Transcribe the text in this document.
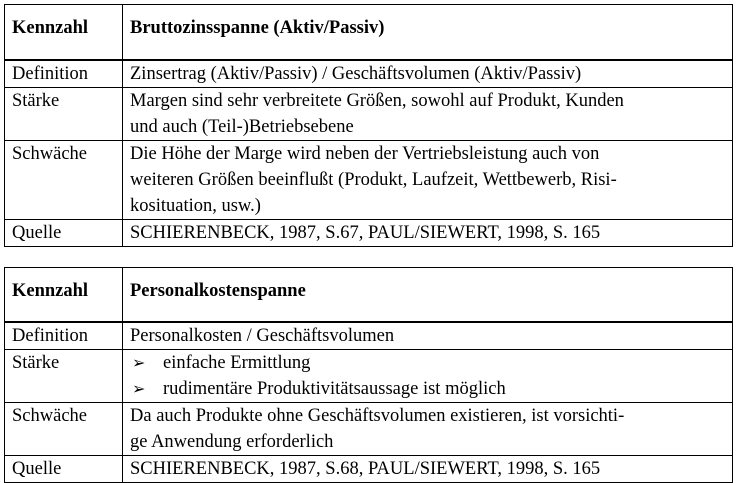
Kennzahl	Bruttozinsspanne (Aktiv/Passiv)
Definition	Zinsertrag (Aktiv/Passiv) / Geschäftsvolumen (Aktiv/Passiv)
Stärke	Margen sind sehr verbreitete Größen, sowohl auf Produkt, Kunden
und auch (Teil-)Betriebsebene

Schwäche	Die Höhe der Marge wird neben der Vertriebsleistung auch von
weiteren Größen beeinflußt (Produkt, Laufzeit, Wettbewerb, Risi-
kosituation, usw.)

Quelle	SCHIERENBECK, 1987, S.67, PAUL/SIEWERT, 1998, S. 165
Kennzahl	Personalkostenspanne
Definition	Personalkosten / Geschäftsvolumen
Stärke	➢ einfache Ermittlung
➢ rudimentäre Produktivitätsaussage ist möglich

Schwäche	Da auch Produkte ohne Geschäftsvolumen existieren, ist vorsichti-
ge Anwendung erforderlich

Quelle	SCHIERENBECK, 1987, S.68, PAUL/SIEWERT, 1998, S. 165
